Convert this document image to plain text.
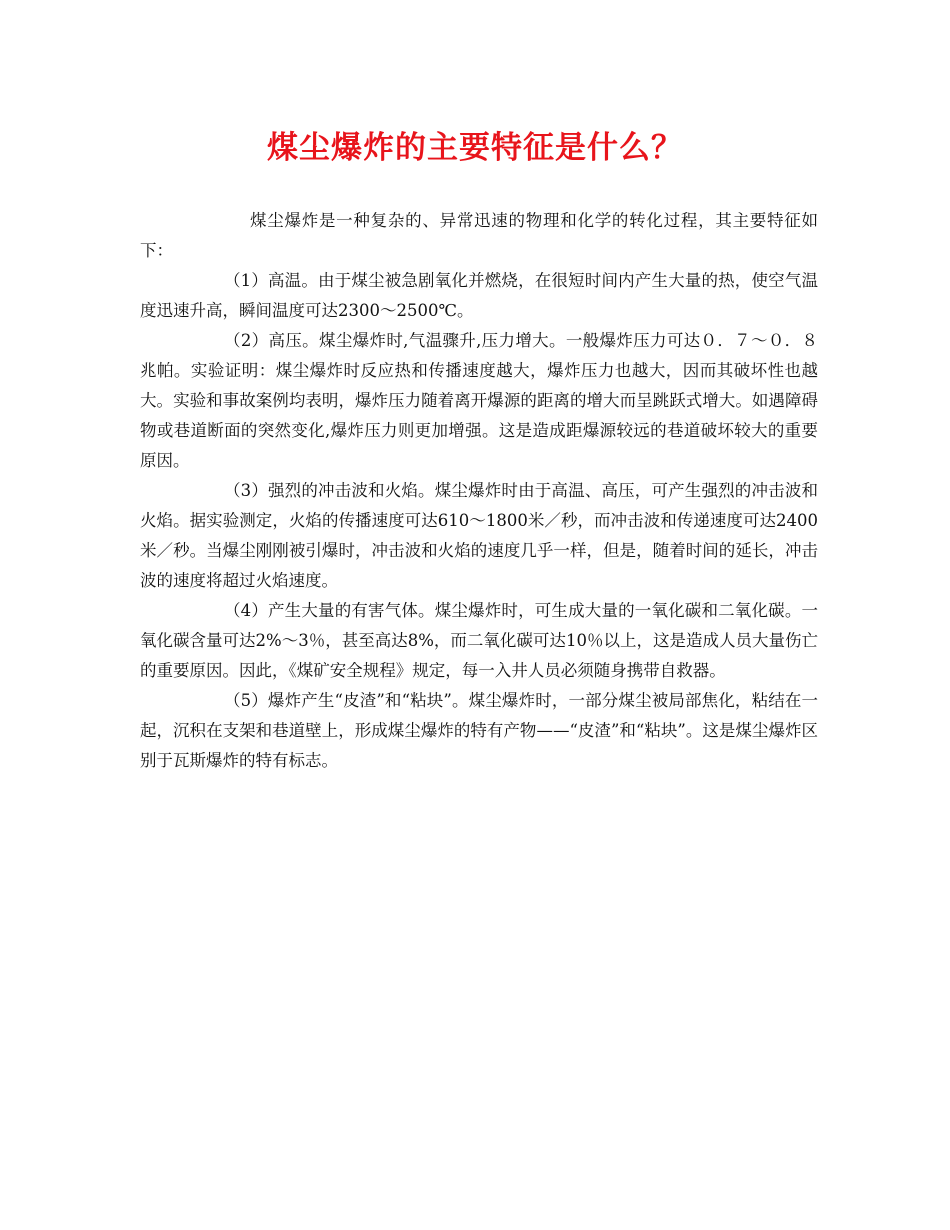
煤尘爆炸的主要特征是什么？

煤尘爆炸是一种复杂的、异常迅速的物理和化学的转化过程，其主要特征如下：

（1）高温。由于煤尘被急剧氧化并燃烧，在很短时间内产生大量的热，使空气温度迅速升高，瞬间温度可达2300～2500℃。

（2）高压。煤尘爆炸时,气温骤升,压力增大。一般爆炸压力可达０．７～０．８兆帕。实验证明：煤尘爆炸时反应热和传播速度越大，爆炸压力也越大，因而其破坏性也越大。实验和事故案例均表明，爆炸压力随着离开爆源的距离的增大而呈跳跃式增大。如遇障碍物或巷道断面的突然变化,爆炸压力则更加增强。这是造成距爆源较远的巷道破坏较大的重要原因。

（3）强烈的冲击波和火焰。煤尘爆炸时由于高温、高压，可产生强烈的冲击波和火焰。据实验测定，火焰的传播速度可达610～1800米／秒，而冲击波和传递速度可达2400米／秒。当爆尘刚刚被引爆时，冲击波和火焰的速度几乎一样，但是，随着时间的延长，冲击波的速度将超过火焰速度。

（4）产生大量的有害气体。煤尘爆炸时，可生成大量的一氧化碳和二氧化碳。一氧化碳含量可达2%～3％，甚至高达8%，而二氧化碳可达10％以上，这是造成人员大量伤亡的重要原因。因此，《煤矿安全规程》规定，每一入井人员必须随身携带自救器。

（5）爆炸产生“皮渣”和“粘块”。煤尘爆炸时，一部分煤尘被局部焦化，粘结在一起，沉积在支架和巷道壁上，形成煤尘爆炸的特有产物——“皮渣”和“粘块”。这是煤尘爆炸区别于瓦斯爆炸的特有标志。
